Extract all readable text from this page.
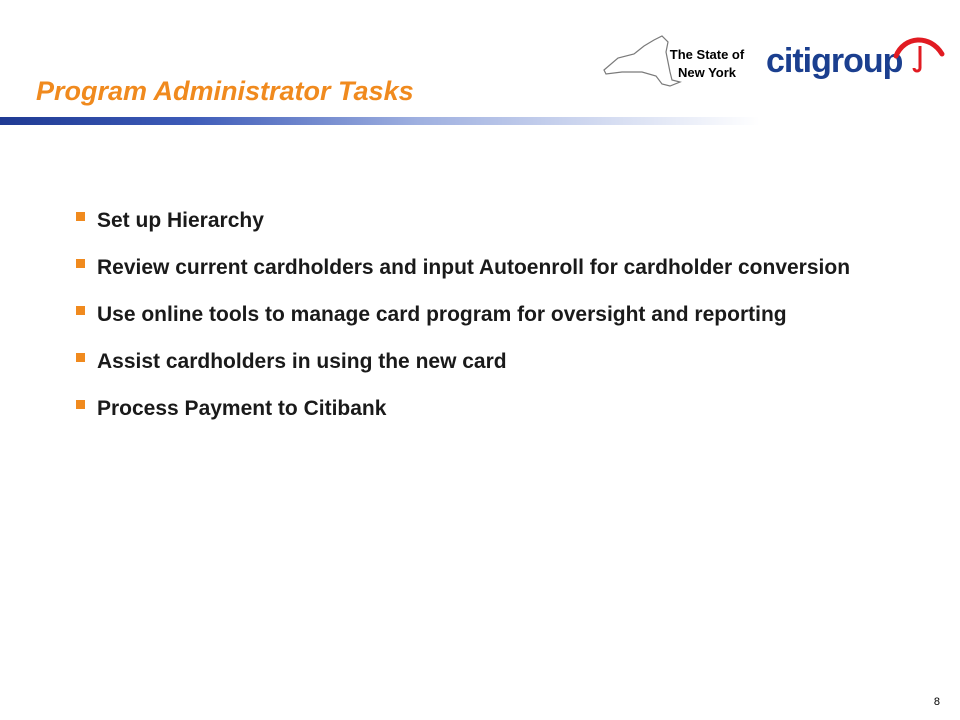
The State of
New York citigroup
Program Administrator Tasks
Set up Hierarchy
Review current cardholders and input Autoenroll for cardholder conversion
Use online tools to manage card program for oversight and reporting
Assist cardholders in using the new card
Process Payment to Citibank
8
